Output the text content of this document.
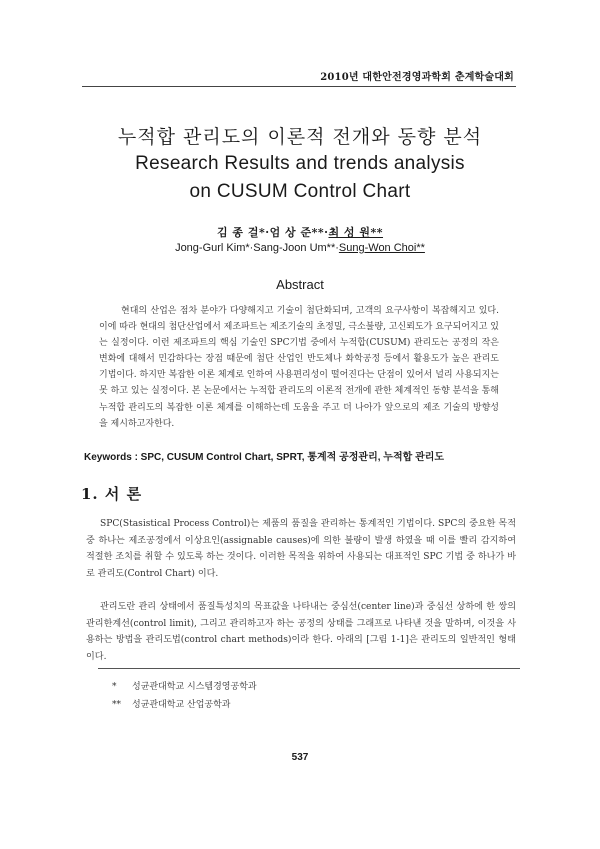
2010년 대한안전경영과학회 춘계학술대회
누적합 관리도의 이론적 전개와 동향 분석
Research Results and trends analysis
on CUSUM Control Chart
김 종 걸*·엄 상 준**·최 성 원**
Jong-Gurl Kim*·Sang-Joon Um**·Sung-Won Choi**
Abstract
현대의 산업은 점차 분야가 다양해지고 기술이 첨단화되며, 고객의 요구사항이 복잡해지고 있다. 이에 따라 현대의 첨단산업에서 제조파트는 제조기술의 초정밀, 극소불량, 고신뢰도가 요구되어지고 있는 실정이다. 이런 제조파트의 핵심 기술인 SPC기법 중에서 누적합(CUSUM) 관리도는 공정의 작은 변화에 대해서 민감하다는 장점 때문에 첨단 산업인 반도체나 화학공정 등에서 활용도가 높은 관리도 기법이다. 하지만 복잡한 이론 체계로 인하여 사용편리성이 떨어진다는 단점이 있어서 널리 사용되지는 못 하고 있는 실정이다. 본 논문에서는 누적합 관리도의 이론적 전개에 관한 체계적인 동향 분석을 통해 누적합 관리도의 복잡한 이론 체계를 이해하는데 도움을 주고 더 나아가 앞으로의 제조 기술의 방향성을 제시하고자한다.
Keywords : SPC, CUSUM Control Chart, SPRT, 통계적 공정관리, 누적합 관리도
1. 서 론
SPC(Stasistical Process Control)는 제품의 품질을 관리하는 통계적인 기법이다. SPC의 중요한 목적중 하나는 제조공정에서 이상요인(assignable causes)에 의한 불량이 발생 하였을 때 이를 빨리 감지하여 적절한 조치를 취할 수 있도록 하는 것이다. 이러한 목적을 위하여 사용되는 대표적인 SPC 기법 중 하나가 바로 관리도(Control Chart) 이다.
관리도란 관리 상태에서 품질특성치의 목표값을 나타내는 중심선(center line)과 중심선 상하에 한 쌍의 관리한계선(control limit), 그리고 관리하고자 하는 공정의 상태를 그래프로 나타낸 것을 말하며, 이것을 사용하는 방법을 관리도법(control chart methods)이라 한다. 아래의 [그림 1-1]은 관리도의 일반적인 형태이다.
* 성균관대학교 시스템경영공학과
** 성균관대학교 산업공학과
537
